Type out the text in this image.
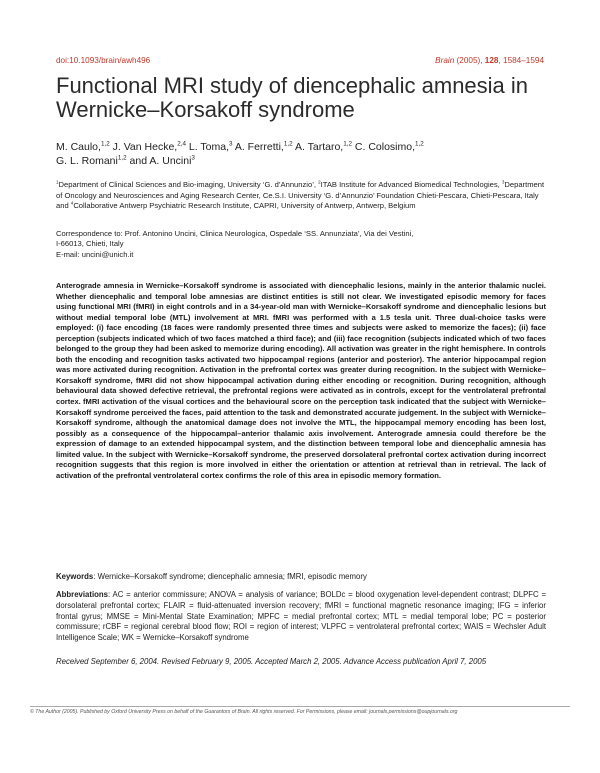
doi:10.1093/brain/awh496	Brain (2005), 128, 1584–1594
Functional MRI study of diencephalic amnesia in
Wernicke–Korsakoff syndrome
M. Caulo,$^{1,2}$ J. Van Hecke,$^{2,4}$ L. Toma,$^3$ A. Ferretti,$^{1,2}$ A. Tartaro,$^{1,2}$ C. Colosimo,$^{1,2}$
G. L. Romani$^{1,2}$ and A. Uncini$^3$
$^1$Department of Clinical Sciences and Bio-imaging, University ‘G. d’Annunzio’, $^2$ITAB Institute for Advanced Biomedical Technologies, $^3$Department of Oncology and Neurosciences and Aging Research Center, Ce.S.I. University ‘G. d’Annunzio’ Foundation Chieti-Pescara, Chieti-Pescara, Italy and $^4$Collaborative Antwerp Psychiatric Research Institute, CAPRI, University of Antwerp, Antwerp, Belgium
Correspondence to: Prof. Antonino Uncini, Clinica Neurologica, Ospedale ‘SS. Annunziata’, Via dei Vestini,
I-66013, Chieti, Italy
E-mail: uncini@unich.it

Anterograde amnesia in Wernicke–Korsakoff syndrome is associated with diencephalic lesions, mainly in the anterior thalamic nuclei. Whether diencephalic and temporal lobe amnesias are distinct entities is still not clear. We investigated episodic memory for faces using functional MRI (fMRI) in eight controls and in a 34-year-old man with Wernicke–Korsakoff syndrome and diencephalic lesions but without medial temporal lobe (MTL) involvement at MRI. fMRI was performed with a 1.5 tesla unit. Three dual-choice tasks were employed: (i) face encoding (18 faces were randomly presented three times and subjects were asked to memorize the faces); (ii) face perception (subjects indicated which of two faces matched a third face); and (iii) face recognition (subjects indicated which of two faces belonged to the group they had been asked to memorize during encoding). All activation was greater in the right hemisphere. In controls both the encoding and recognition tasks activated two hippocampal regions (anterior and posterior). The anterior hippocampal region was more activated during recognition. Activation in the prefrontal cortex was greater during recognition. In the subject with Wernicke–Korsakoff syndrome, fMRI did not show hippocampal activation during either encoding or recognition. During recognition, although behavioural data showed defective retrieval, the prefrontal regions were activated as in controls, except for the ventrolateral prefrontal cortex. fMRI activation of the visual cortices and the behavioural score on the perception task indicated that the subject with Wernicke–Korsakoff syndrome perceived the faces, paid attention to the task and demonstrated accurate judgement. In the subject with Wernicke–Korsakoff syndrome, although the anatomical damage does not involve the MTL, the hippocampal memory encoding has been lost, possibly as a consequence of the hippocampal–anterior thalamic axis involvement. Anterograde amnesia could therefore be the expression of damage to an extended hippocampal system, and the distinction between temporal lobe and diencephalic amnesia has limited value. In the subject with Wernicke–Korsakoff syndrome, the preserved dorsolateral prefrontal cortex activation during incorrect recognition suggests that this region is more involved in either the orientation or attention at retrieval than in retrieval. The lack of activation of the prefrontal ventrolateral cortex confirms the role of this area in episodic memory formation.

Keywords: Wernicke–Korsakoff syndrome; diencephalic amnesia; fMRI, episodic memory

Abbreviations: AC = anterior commissure; ANOVA = analysis of variance; BOLDc = blood oxygenation level-dependent contrast; DLPFC = dorsolateral prefrontal cortex; FLAIR = fluid-attenuated inversion recovery; fMRI = functional magnetic resonance imaging; IFG = inferior frontal gyrus; MMSE = Mini-Mental State Examination; MPFC = medial prefrontal cortex; MTL = medial temporal lobe; PC = posterior commissure; rCBF = regional cerebral blood flow; ROI = region of interest; VLPFC = ventrolateral prefrontal cortex; WAIS = Wechsler Adult Intelligence Scale; WK = Wernicke–Korsakoff syndrome

Received September 6, 2004. Revised February 9, 2005. Accepted March 2, 2005. Advance Access publication April 7, 2005
© The Author (2005). Published by Oxford University Press on behalf of the Guarantors of Brain. All rights reserved. For Permissions, please email: journals.permissions@oupjournals.org
